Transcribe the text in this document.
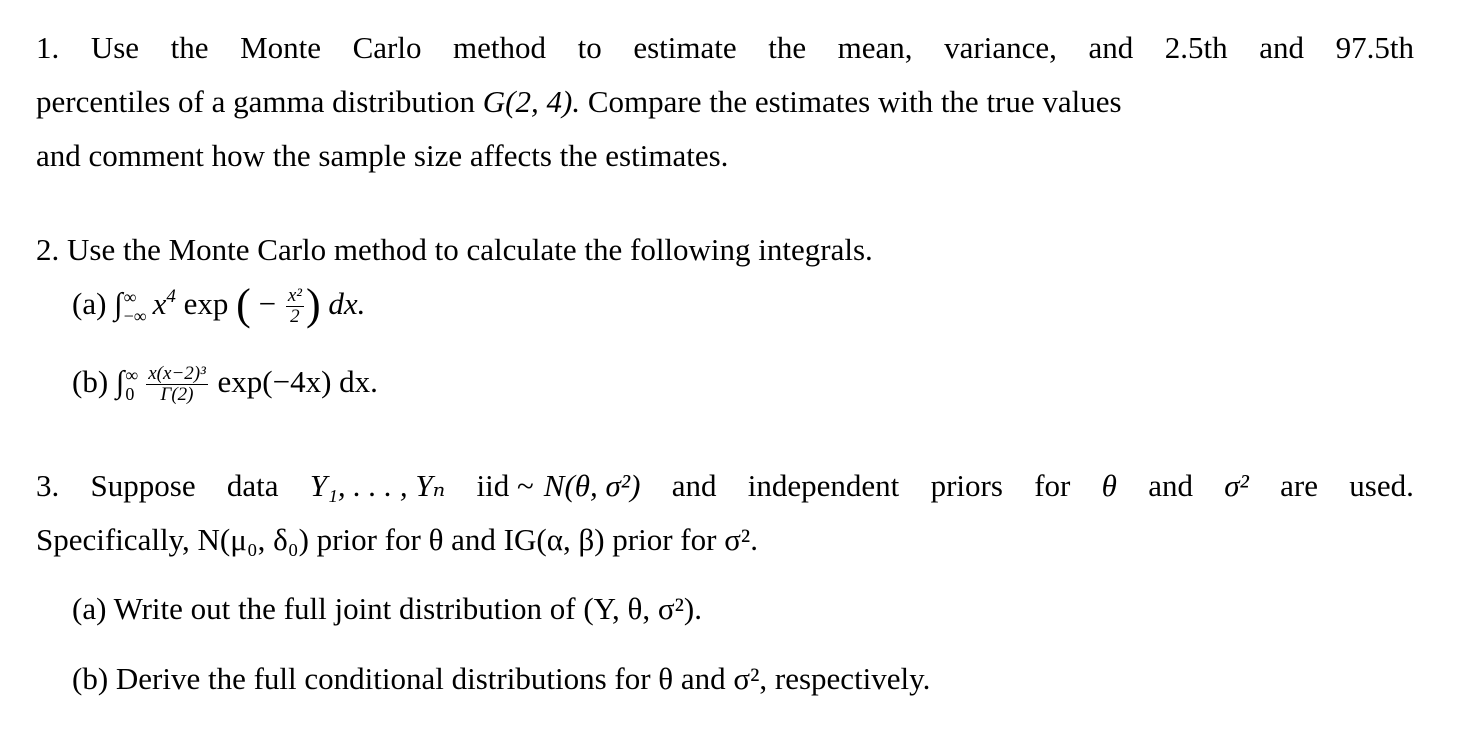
1. Use the Monte Carlo method to estimate the mean, variance, and 2.5th and 97.5th
percentiles of a gamma distribution G(2, 4). Compare the estimates with the true values
and comment how the sample size affects the estimates.
2. Use the Monte Carlo method to calculate the following integrals.
(a) ∫ ∞
−∞ $x^4$ exp ( − $\frac{\text{x²}}{2}$ ) dx.
(b) ∫ ∞
$0 \frac{\text{x(x−2)³}}{\Gamma(2)} \exp(-4x)$ dx.
3. Suppose data Y₁, . . . , Yₙ iid ~ N(θ, σ²) and independent priors for θ and σ² are used.
Specifically, N(μ₀, δ₀) prior for θ and IG(α, β) prior for σ².
(a) Write out the full joint distribution of (Y, θ, σ²).
(b) Derive the full conditional distributions for θ and σ², respectively.
